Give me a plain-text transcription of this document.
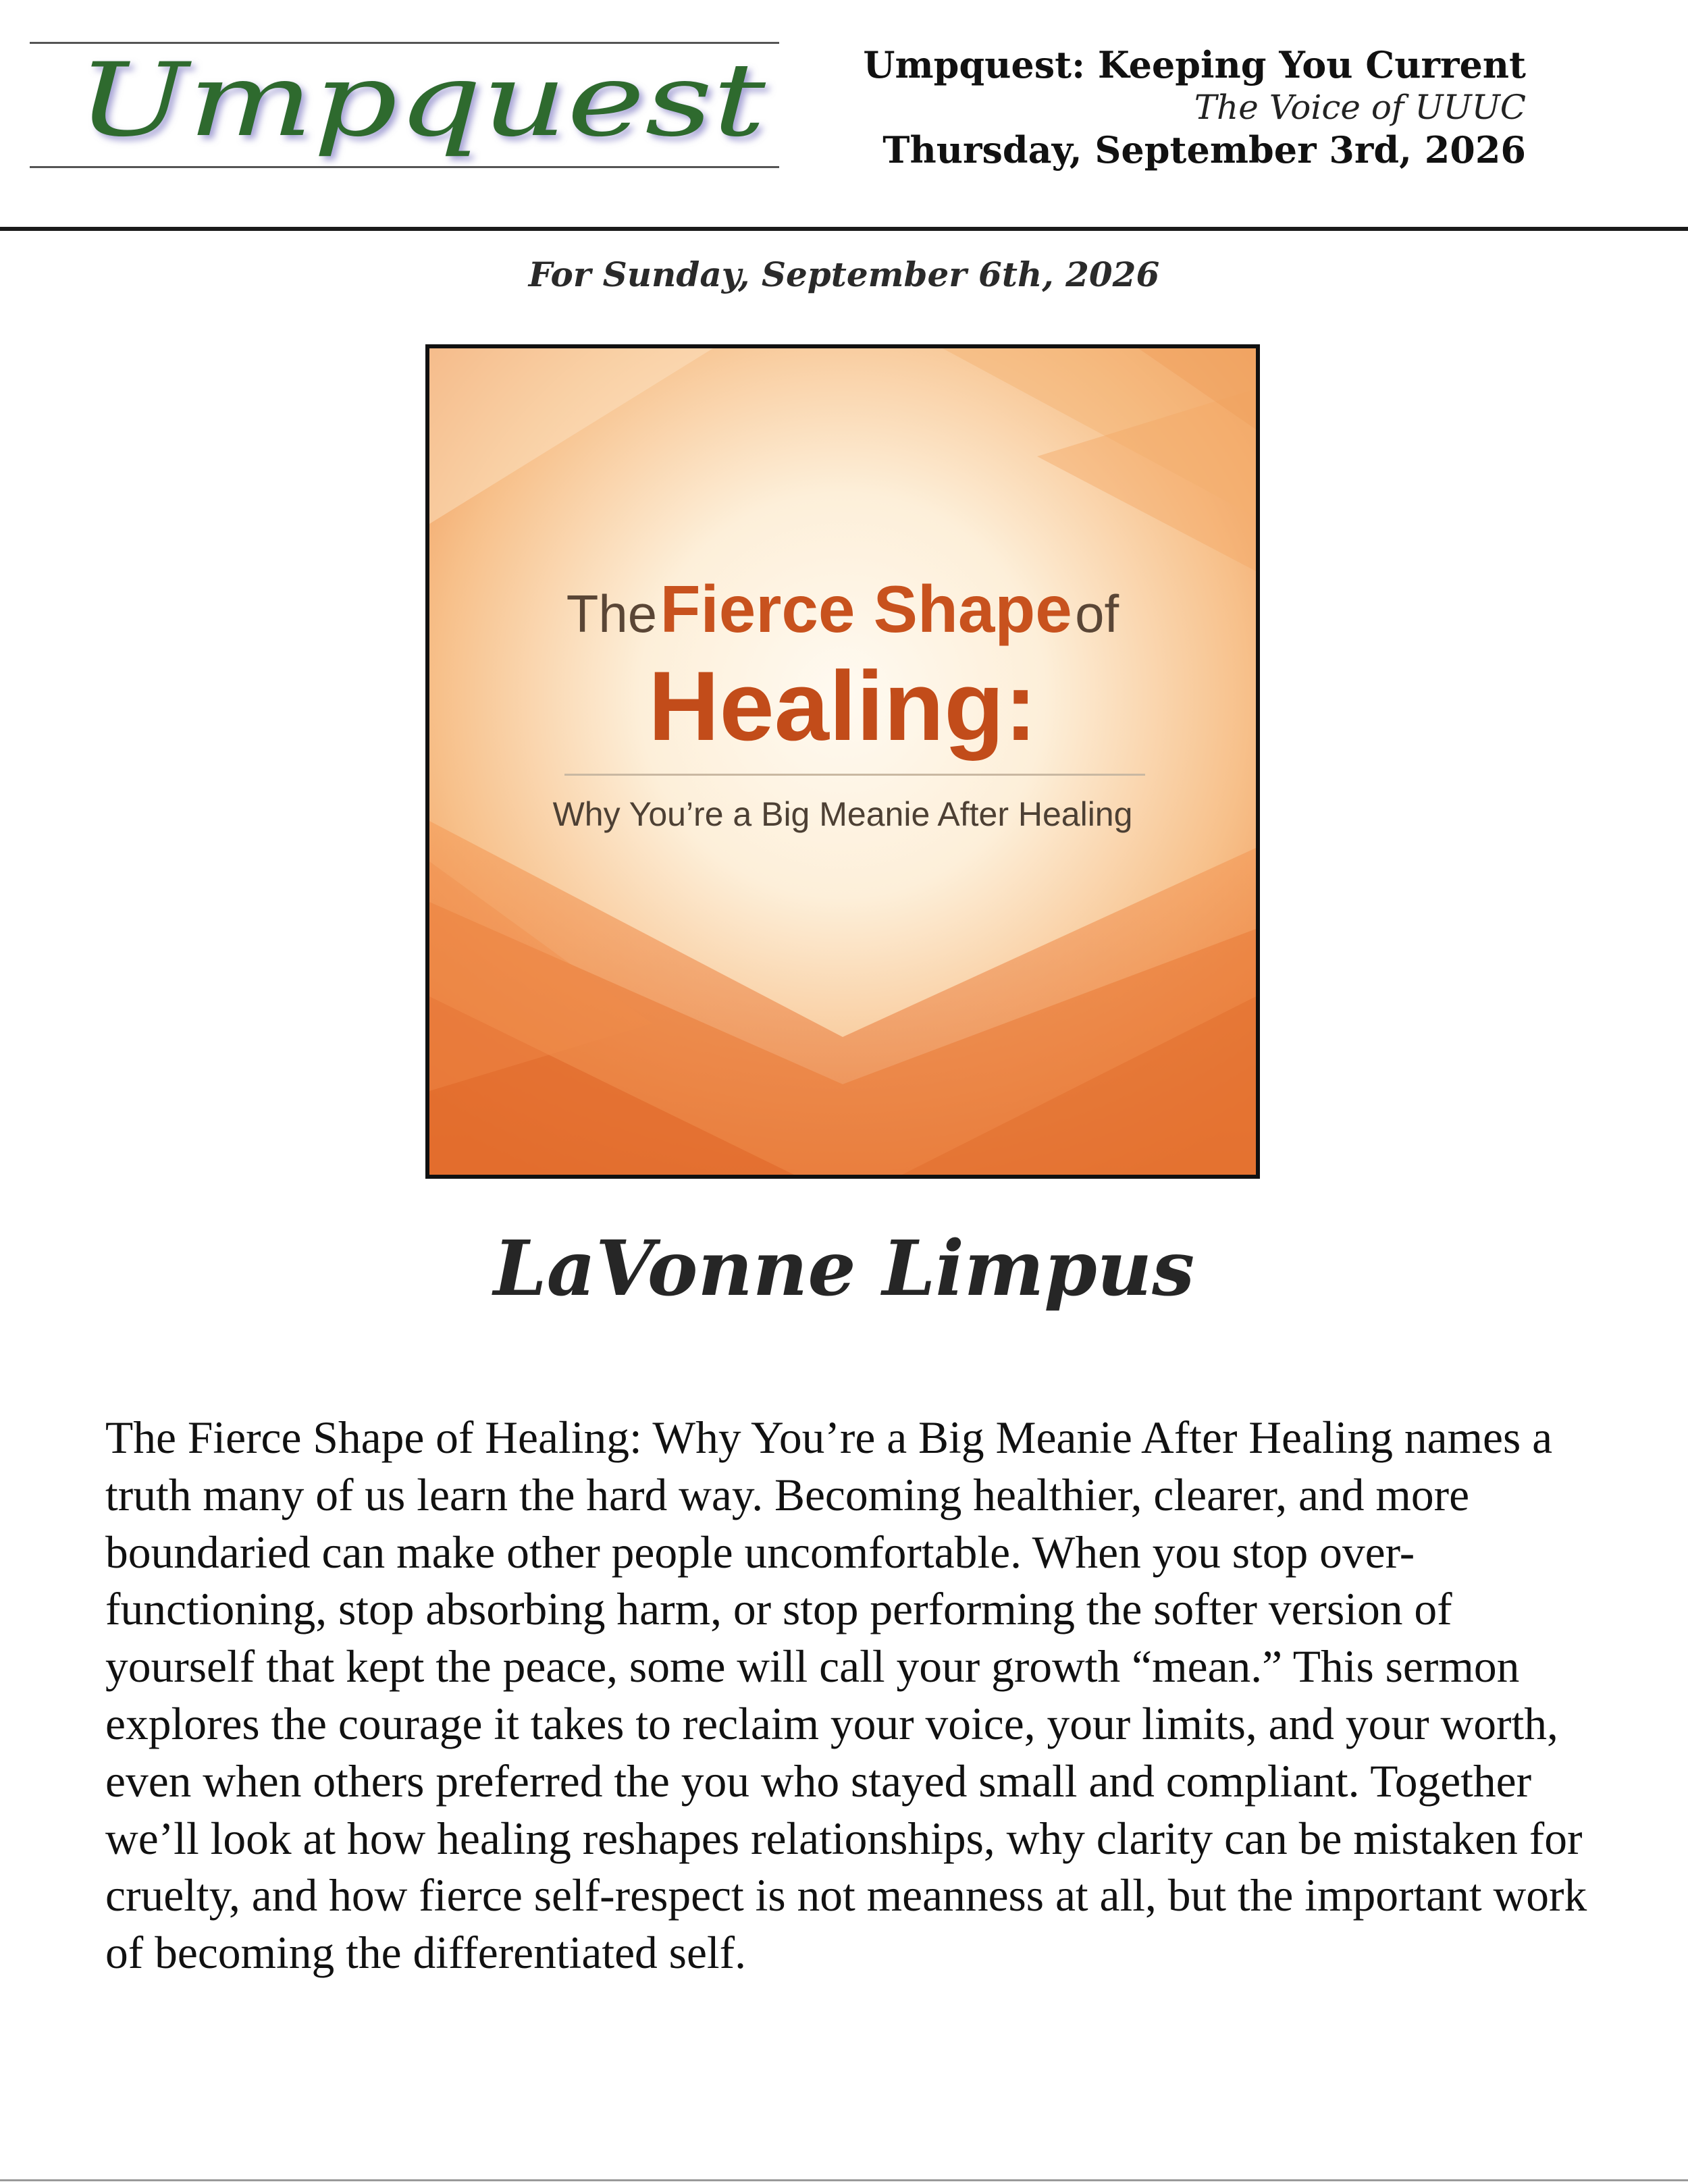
Umpquest	Umpquest: Keeping You Current
The Voice of UUUC
Thursday, September 3rd, 2026
For Sunday, September 6th, 2026
The Fierce Shape of
Healing:
Why You’re a Big Meanie After Healing
LaVonne Limpus

The Fierce Shape of Healing: Why You’re a Big Meanie After Healing names a truth many of us learn the hard way. Becoming healthier, clearer, and more boundaried can make other people uncomfortable. When you stop over-functioning, stop absorbing harm, or stop performing the softer version of yourself that kept the peace, some will call your growth “mean.” This sermon explores the courage it takes to reclaim your voice, your limits, and your worth, even when others preferred the you who stayed small and compliant. Together we’ll look at how healing reshapes relationships, why clarity can be mistaken for cruelty, and how fierce self-respect is not meanness at all, but the important work of becoming the differentiated self.
